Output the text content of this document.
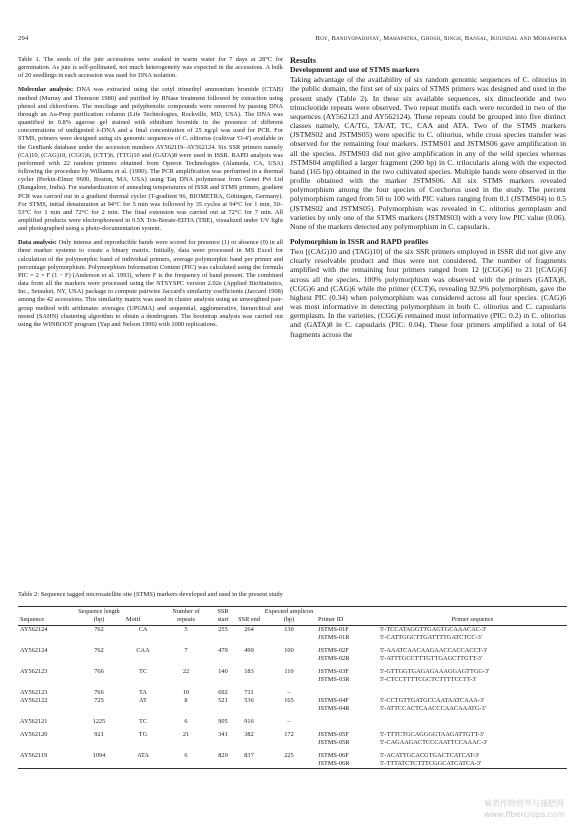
294	Roy, Bandyopadhyay, Mahapatra, Ghosh, Singh, Bansal, Koundal and Mohapatra

Table 1. The seeds of the jute accessions were soaked in warm water for 7 days at 28°C for germination. As jute is self-pollinated, not much heterogeneity was expected in the accessions. A bulk of 20 seedlings in each accession was used for DNA isolation.

Molecular analysis: DNA was extracted using the cetyl trimethyl ammonium bromide (CTAB) method (Murray and Thomson 1980) and purified by RNase treatment followed by extraction using phenol and chloroform. The mucilage and polyphenolic compounds were removed by passing DNA through an Au-Prep purification column (Life Technologies, Rockville, MD, USA). The DNA was quantified in 0.8% agarose gel stained with ethidium bromide in the presence of different concentrations of undigested λ-DNA and a final concentration of 25 ng/μl was used for PCR. For STMS, primers were designed using six genomic sequences of C. olitorius (cultivar 'O-4') available in the GenBank database under the accession numbers AY562119–AY562124. Six SSR primers namely (CA)10, (CAG)10, (CGG)6, (CTT)6, (TTG)10 and (GATA)8 were used in ISSR. RAPD analysis was performed with 22 random primers obtained from Operon Technologies (Alameda, CA, USA) following the procedure by Williams et al. (1990). The PCR amplification was performed in a thermal cycler (Perkin-Elmer 9600, Boston, MA, USA) using Taq DNA polymerase from Genei Pvt Ltd (Bangalore, India). For standardization of annealing temperatures of ISSR and STMS primers, gradient PCR was carried out in a gradient thermal cycler (T-gradient 96, BIOMETRA, Göttingen, Germany). For STMS, initial denaturation at 94°C for 5 min was followed by 35 cycles at 94°C for 1 min, 50–53°C for 1 min and 72°C for 2 min. The final extension was carried out at 72°C for 7 min. All amplified products were electrophoresed in 0.5X Tris-Borate-EDTA (TBE), visualized under UV light and photographed using a photo-documentation system.

Data analysis: Only intense and reproducible bands were scored for presence (1) or absence (0) in all three marker systems to create a binary matrix. Initially, data were processed in MS Excel for calculation of the polymorphic band of individual primers, average polymorphic band per primer and percentage polymorphism. Polymorphism Information Content (PIC) was calculated using the formula PIC = 2 × F (1 − F) (Anderson et al. 1993), where F is the frequency of band present. The combined data from all the markers were processed using the NTSYSPC version 2.02e (Applied BioStatistics, Inc., Setauket, NY, USA) package to compute pairwise Jaccard's similarity coefficients (Jaccard 1908) among the 42 accessions. This similarity matrix was used in cluster analysis using an unweighted pair-group method with arithmatec averages (UPGMA) and sequential, agglomerative, hierarchical and nested (SAHN) clustering algorithm to obtain a dendrogram. The bootstrap analysis was carried out using the WINBOOT program (Yap and Nelson 1996) with 1000 replications.

Results
Development and use of STMS markers

Taking advantage of the availability of six random genomic sequences of C. olitorius in the public domain, the first set of six pairs of STMS primers was designed and used in the present study (Table 2). In these six available sequences, six dinucleotide and two trinucleotide repeats were observed. Two repeat motifs each were recorded in two of the sequences (AY562123 and AY562124). These repeats could be grouped into five distinct classes namely, CA/TG, TA/AT, TC, CAA and ATA. Two of the STMS markers (JSTMS02 and JSTMS05) were specific to C. olitorius, while cross species transfer was observed for the remaining four markers. JSTMS01 and JSTMS06 gave amplification in all the species. JSTMS03 did not give amplification in any of the wild species whereas JSTMS04 amplified a larger fragment (200 bp) in C. trilocularis along with the expected band (165 bp) obtained in the two cultivated species. Multiple bands were observed in the profile obtained with the marker JSTMS06. All six STMS markers revealed polymorphism among the four species of Corchorus used in the study. The percent polymorphism ranged from 50 to 100 with PIC values ranging from 0.1 (JSTMS04) to 0.5 (JSTMS02 and JSTMS05). Polymorphism was revealed in C. olitorius germplasm and varieties by only one of the STMS markers (JSTMS03) with a very low PIC value (0.06). None of the markers detected any polymorphism in C. capsularis.

Polymorphism in ISSR and RAPD profiles

Two [(CAG)10 and (TAG)10] of the six SSR primers employed in ISSR did not give any clearly resolvable product and thus were not considered. The number of fragments amplified with the remaining four primers ranged from 12 [(CGG)6] to 21 [(CAG)6] across all the species. 100% polymorphism was observed with the primers (GATA)8, (CGG)6 and (CAG)6 while the primer (CCT)6, revealing 92.9% polymorphism, gave the highest PIC (0.34) when polymorphism was considered across all four species. (CAG)6 was most informative in detecting polymorphism in both C. olitorius and C. capsularis germplasm. In the varieties, (CGG)6 remained most informative (PIC: 0.2) in C. olitorius and (GATA)8 in C. capsularis (PIC: 0.04). These four primers amplified a total of 64 fragments across the

Table 2: Sequence tagged microsatellite site (STMS) markers developed and used in the present study
Sequence	Sequence length (bp)	Motif	Number of repeats	SSR start	SSR end	Expected amplicon (bp)	Primer ID	Primer sequence
AY562124	762	CA	5	255	264	130	JSTMS-01F	5'-TCCATAGGTTGAGTGCAAACAC-3'
							JSTMS-01R	5'-CATTGGCTTGATTTTGATCTCC-3'

AY562124	762	CAA	7	479	499	100	JSTMS-02F	5'-AAATCAACAAGAACCACCACCT-3'
							JSTMS-02R	5'-ATTTGCCTTTGTTGAGCTTGTT-3'

AY562123	766	TC	22	140	183	110	JSTMS-03F	5'-GTTGGTGAGAGAAAGGAGTTGG-3'
							JSTMS-03R	5'-CTCCTTTTCGCTCTTTTCCTT-3'

AY562123	766	TA	10	692	711	–		
AY562122	725	AT	8	521	536	165	JSTMS-04F	5'-CCTGTTGATGCCAATAATCAAA-3'
							JSTMS-04R	5'-ATTCCACTCAACCCAACAAATG-3'

AY562121	1225	TC	6	905	916	–		

AY562120	921	TG	21	341	382	172	JSTMS-05F	5'-TTTCTGCAGGGGTAAGATTGTT-3'
							JSTMS-05R	5'-CAGAAGACTCCCAATTCCAAAC-3'

AY562119	1094	ATA	6	820	837	225	JSTMS-06F	5'-ACATTGCACGTGACTCATCAT-3'
							JSTMS-06R	5'-TTTATCTCTTTCGGCATCATCA-3'
麻类作物营养与施肥网
www.fibercrops.com
